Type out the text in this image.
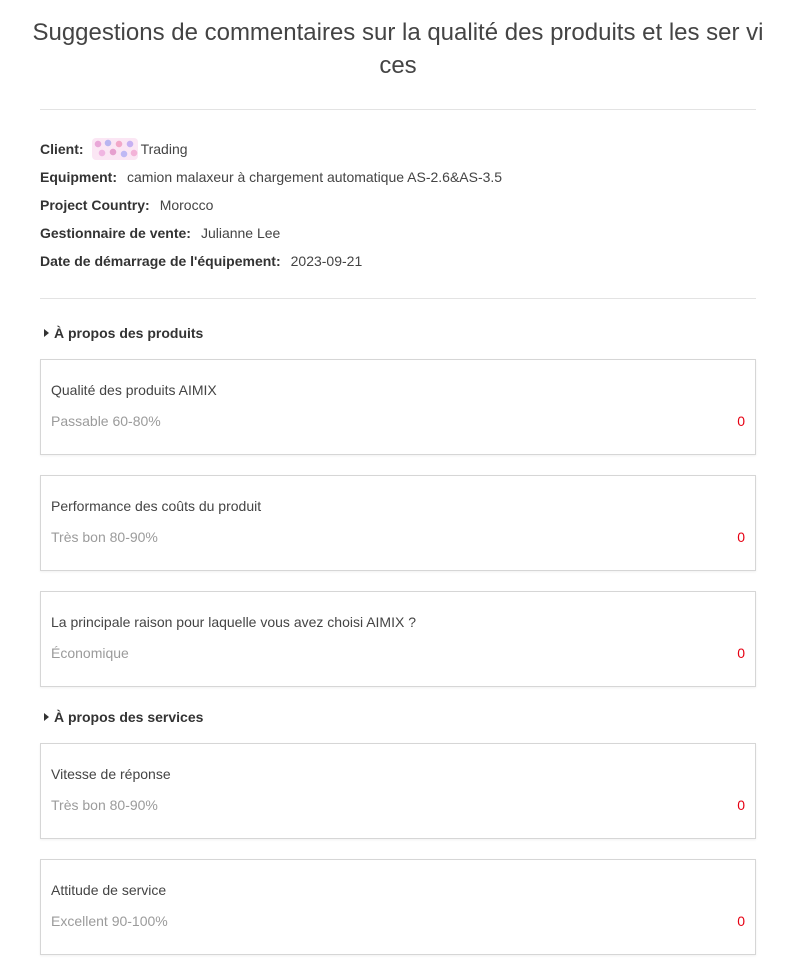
Suggestions de commentaires sur la qualité des produits et les ser vices
Client:	Trading
Equipment: camion malaxeur à chargement automatique AS-2.6&AS-3.5
Project Country: Morocco
Gestionnaire de vente: Julianne Lee
Date de démarrage de l'équipement: 2023-09-21
À propos des produits
Qualité des produits AIMIX
Passable 60-80%	0
Performance des coûts du produit
Très bon 80-90%	0
La principale raison pour laquelle vous avez choisi AIMIX ?
Économique	0
À propos des services
Vitesse de réponse
Très bon 80-90%	0
Attitude de service
Excellent 90-100%	0
